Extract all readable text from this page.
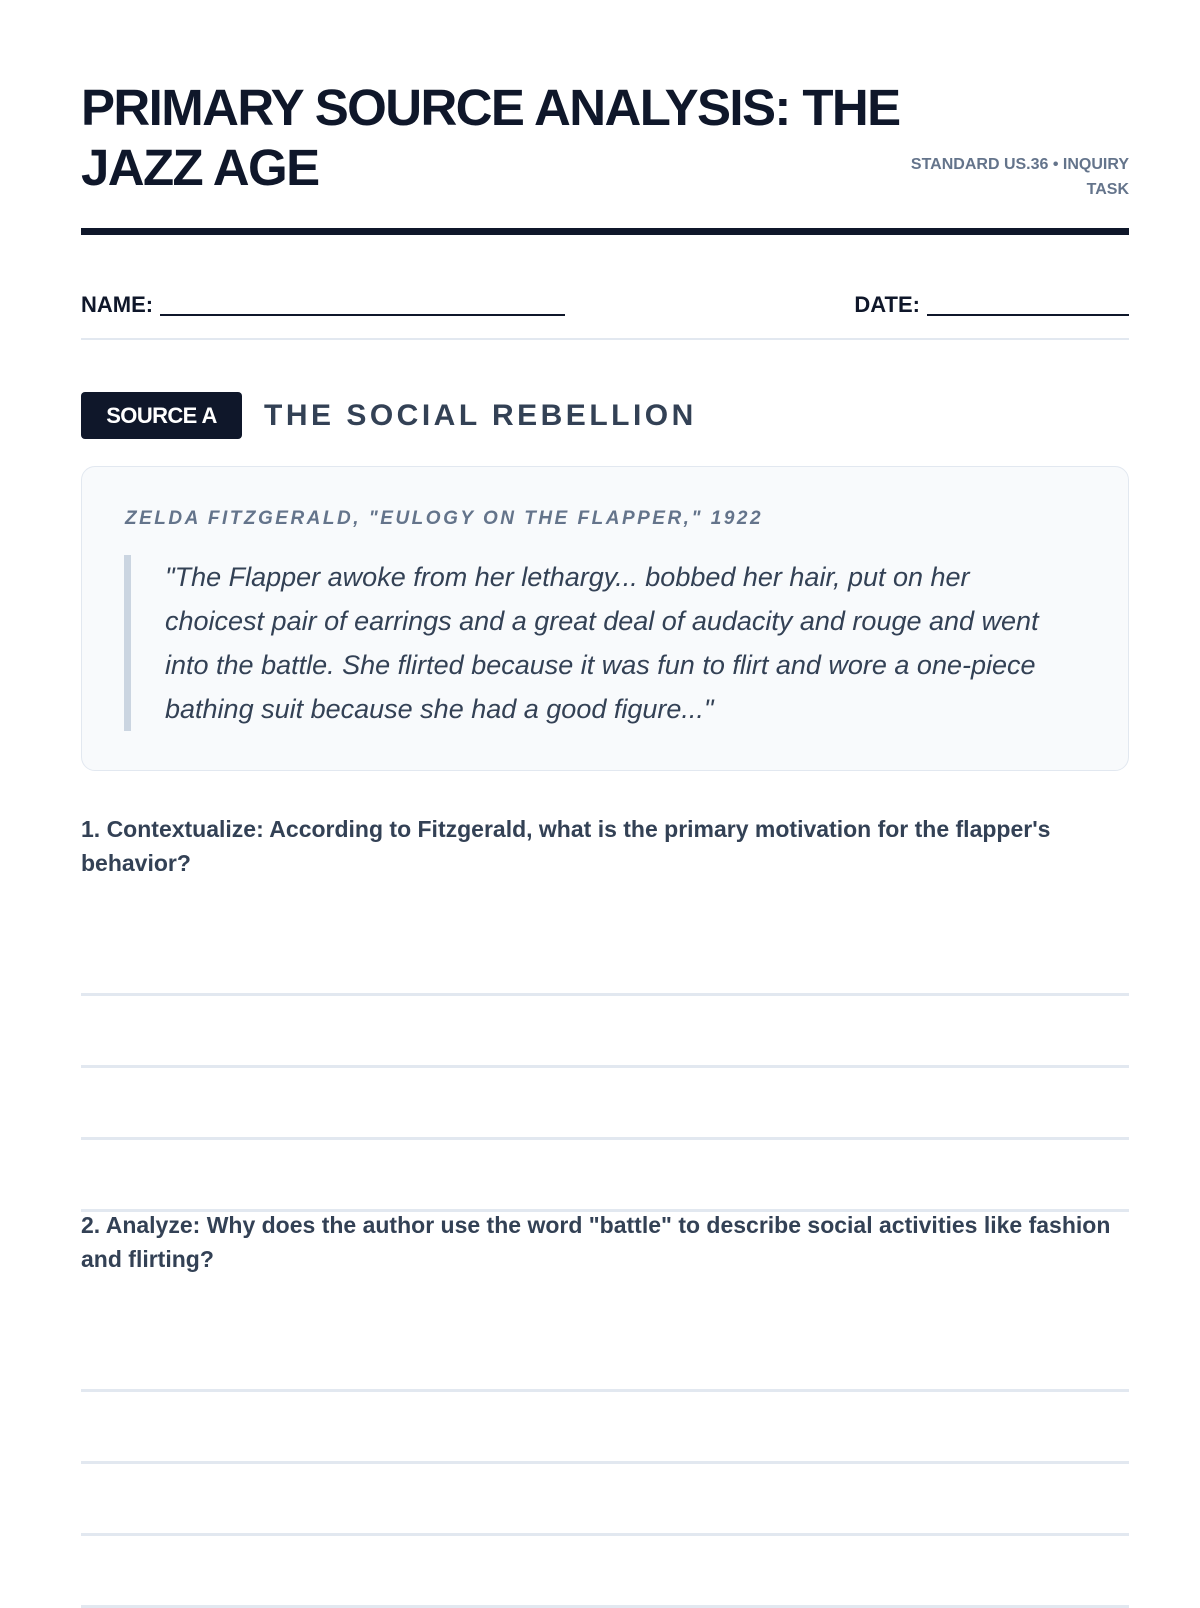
PRIMARY SOURCE ANALYSIS: THE JAZZ AGE	STANDARD US.36 • INQUIRY TASK
NAME:	DATE:
SOURCE A	THE SOCIAL REBELLION
ZELDA FITZGERALD, "EULOGY ON THE FLAPPER," 1922
"The Flapper awoke from her lethargy... bobbed her hair, put on her choicest pair of earrings and a great deal of audacity and rouge and went into the battle. She flirted because it was fun to flirt and wore a one-piece bathing suit because she had a good figure..."

1. Contextualize: According to Fitzgerald, what is the primary motivation for the flapper's behavior?

2. Analyze: Why does the author use the word "battle" to describe social activities like fashion and flirting?
